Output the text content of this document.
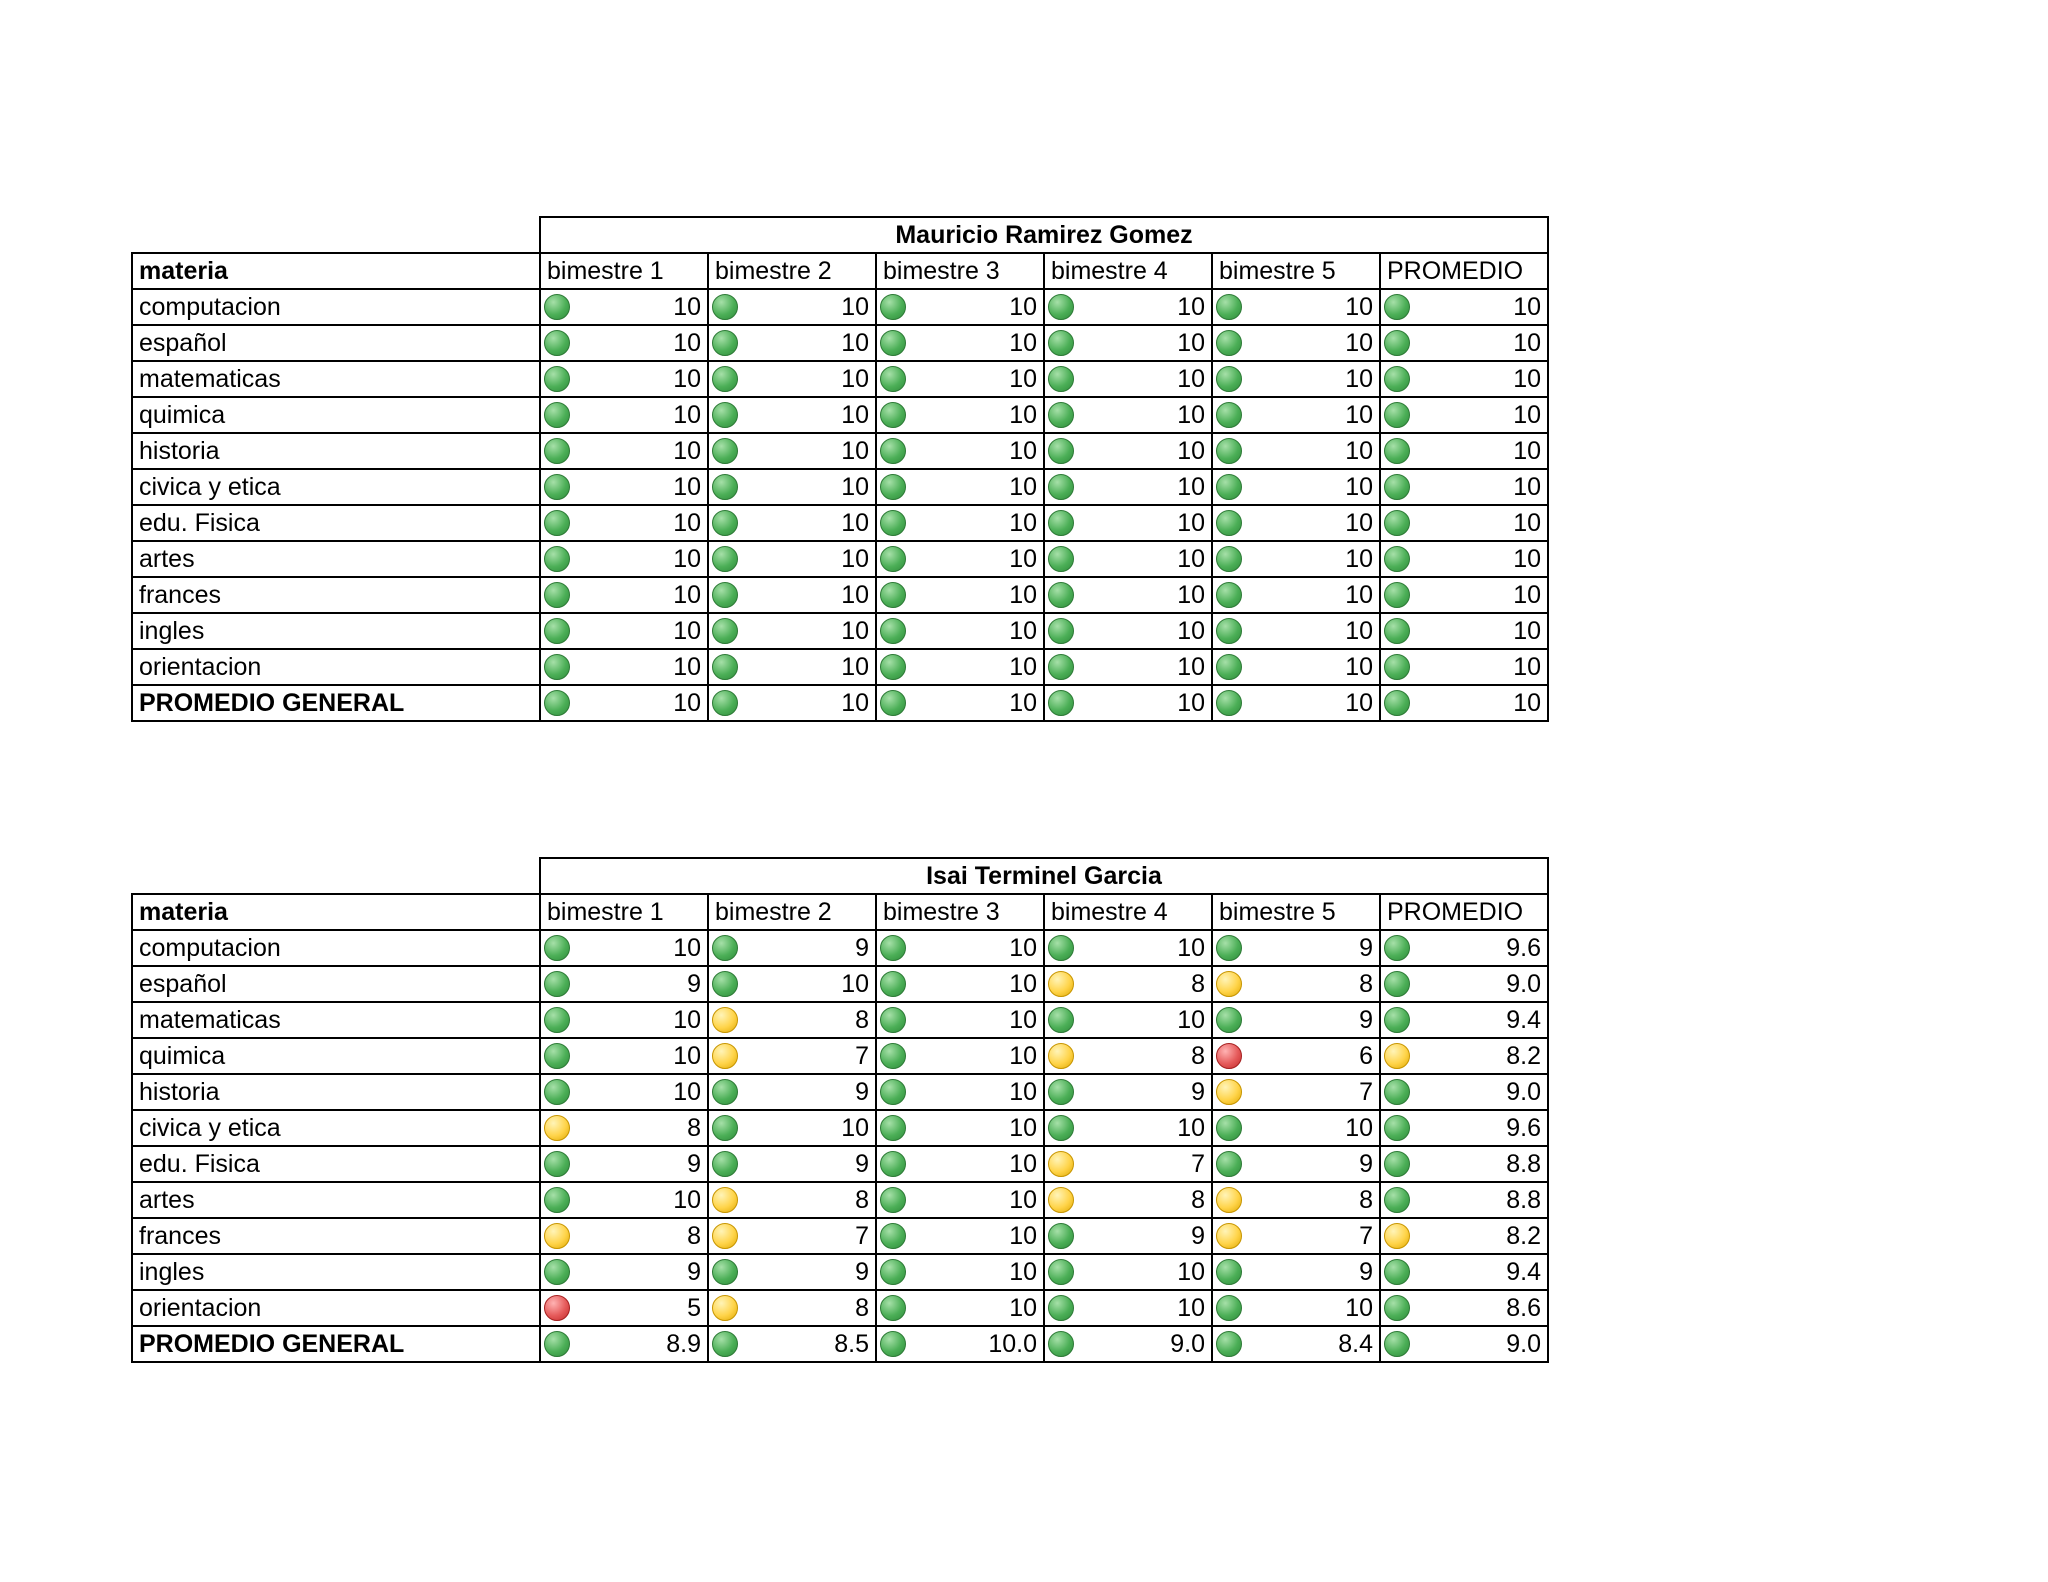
	Mauricio Ramirez Gomez					
materia	bimestre 1	bimestre 2	bimestre 3	bimestre 4	bimestre 5	PROMEDIO
computacion	10	10	10	10	10	10
español	10	10	10	10	10	10
matematicas	10	10	10	10	10	10
quimica	10	10	10	10	10	10
historia	10	10	10	10	10	10
civica y etica	10	10	10	10	10	10
edu. Fisica	10	10	10	10	10	10
artes	10	10	10	10	10	10
frances	10	10	10	10	10	10
ingles	10	10	10	10	10	10
orientacion	10	10	10	10	10	10
PROMEDIO GENERAL	10	10	10	10	10	10
	Isai Terminel Garcia					
materia	bimestre 1	bimestre 2	bimestre 3	bimestre 4	bimestre 5	PROMEDIO
computacion	10	9	10	10	9	9.6
español	9	10	10	8	8	9.0
matematicas	10	8	10	10	9	9.4
quimica	10	7	10	8	6	8.2
historia	10	9	10	9	7	9.0
civica y etica	8	10	10	10	10	9.6
edu. Fisica	9	9	10	7	9	8.8
artes	10	8	10	8	8	8.8
frances	8	7	10	9	7	8.2
ingles	9	9	10	10	9	9.4
orientacion	5	8	10	10	10	8.6
PROMEDIO GENERAL	8.9	8.5	10.0	9.0	8.4	9.0
